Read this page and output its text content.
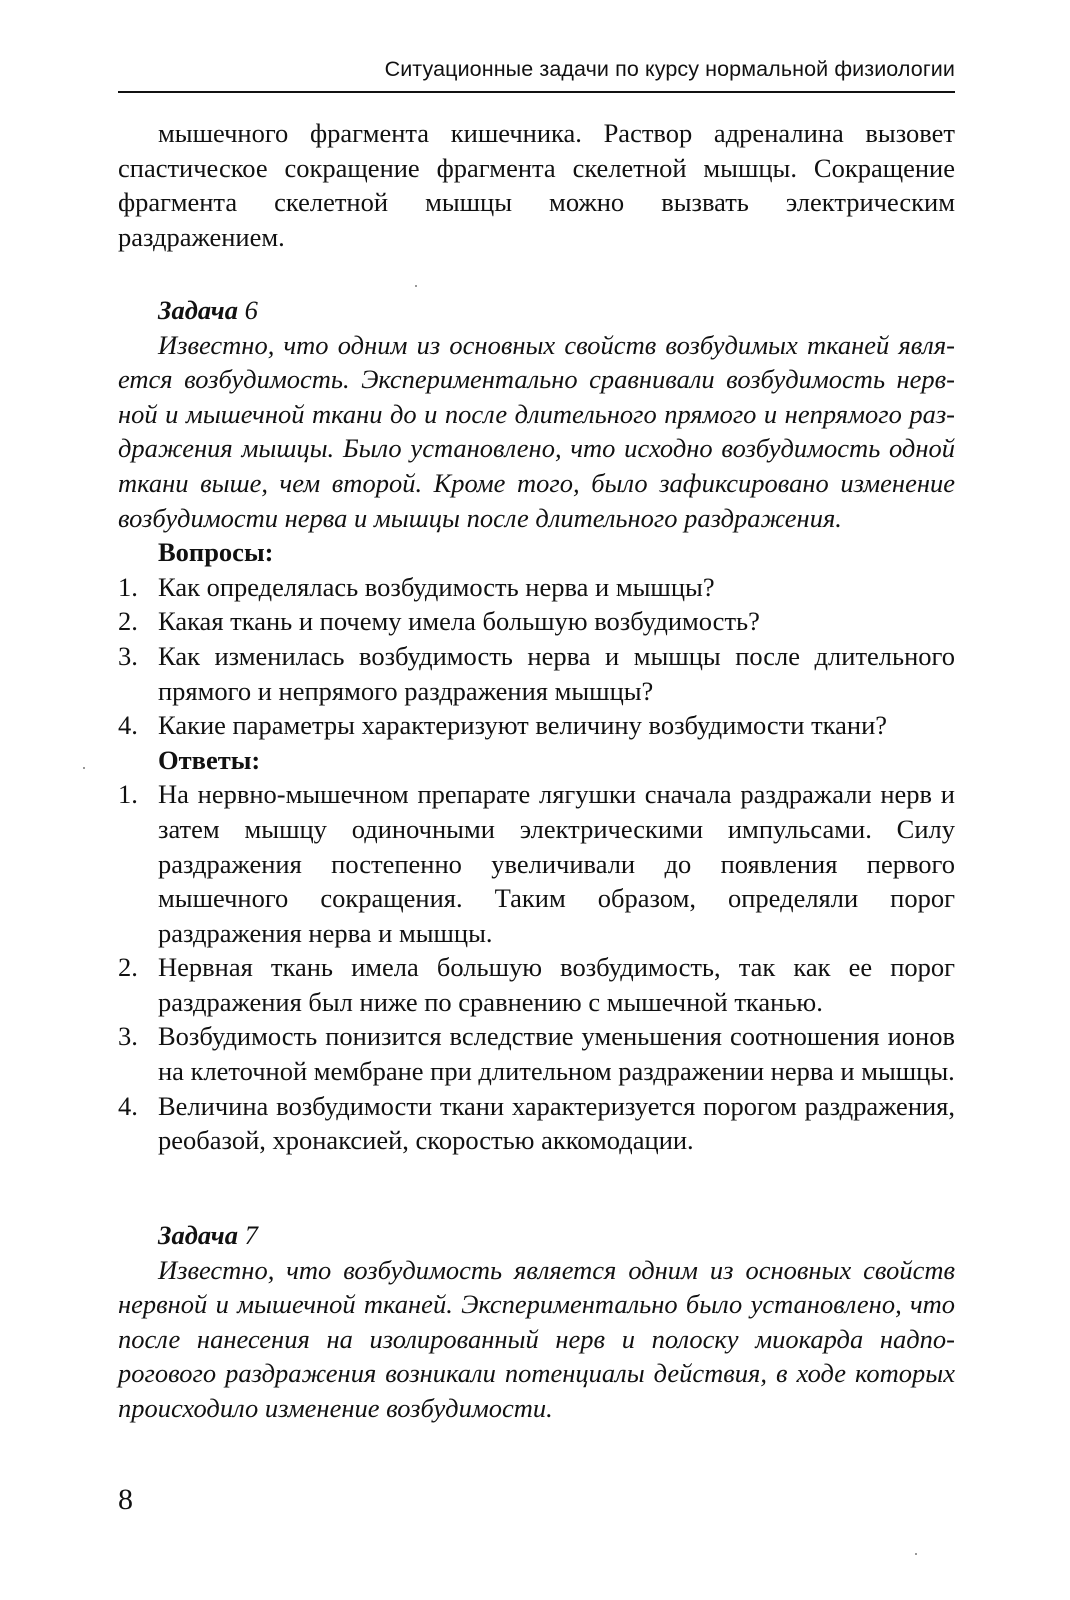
Ситуационные задачи по курсу нормальной физиологии

мышечного фрагмента кишечника. Раствор адреналина вызовет спастическое сокращение фрагмента скелетной мышцы. Сокращение фрагмента скелетной мышцы можно вызвать электрическим раздражением.

Задача 6

Известно, что одним из основных свойств возбудимых тканей является возбудимость. Экспериментально сравнивали возбудимость нервной и мышечной ткани до и после длительного прямого и непрямого раздражения мышцы. Было установлено, что исходно возбудимость одной ткани выше, чем второй. Кроме того, было зафиксировано изменение возбудимости нерва и мышцы после длительного раздражения.

Вопросы:

1. Как определялась возбудимость нерва и мышцы?
2. Какая ткань и почему имела большую возбудимость?
3. Как изменилась возбудимость нерва и мышцы после длительного прямого и непрямого раздражения мышцы?
4. Какие параметры характеризуют величину возбудимости ткани?

Ответы:

1. На нервно-мышечном препарате лягушки сначала раздражали нерв и затем мышцу одиночными электрическими импульсами. Силу раздражения постепенно увеличивали до появления первого мышечного сокращения. Таким образом, определяли порог раздражения нерва и мышцы.
2. Нервная ткань имела большую возбудимость, так как ее порог раздражения был ниже по сравнению с мышечной тканью.
3. Возбудимость понизится вследствие уменьшения соотношения ионов на клеточной мембране при длительном раздражении нерва и мышцы.
4. Величина возбудимости ткани характеризуется порогом раздражения, реобазой, хронаксией, скоростью аккомодации.

Задача 7

Известно, что возбудимость является одним из основных свойств нервной и мышечной тканей. Экспериментально было установлено, что после нанесения на изолированный нерв и полоску миокарда надпорогового раздражения возникали потенциалы действия, в ходе которых происходило изменение возбудимости.

8
